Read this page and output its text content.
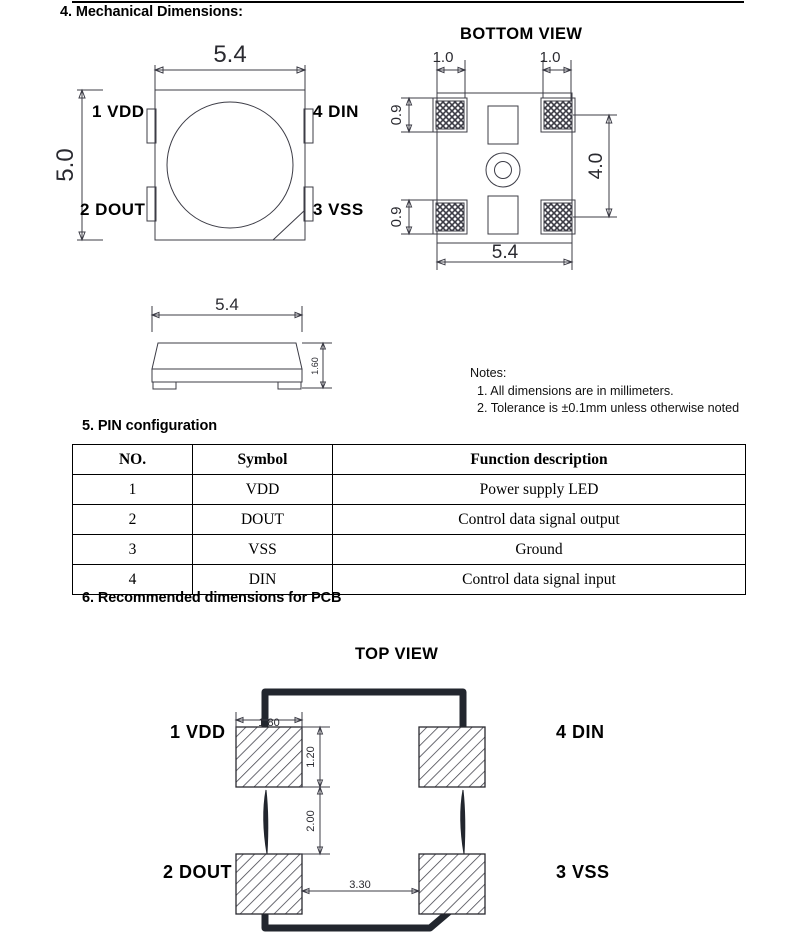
4. Mechanical Dimensions:
5.4
5.0
1 VDD
2 DOUT
4 DIN
3 VSS
BOTTOM VIEW
1.0	1.0
0.9
0.9
4.0
5.4
5.4
1.60	Notes:
1. All dimensions are in millimeters.
2. Tolerance is ±0.1mm unless otherwise noted
5. PIN configuration
NO.	Symbol	Function description
1	VDD	Power supply LED
2	DOUT	Control data signal output
3	VSS	Ground
4	DIN	Control data signal input
6. Recommended dimensions for PCB
TOP VIEW
1.80
1.20
2.00
3.30
1 VDD	4 DIN
2 DOUT	3 VSS
